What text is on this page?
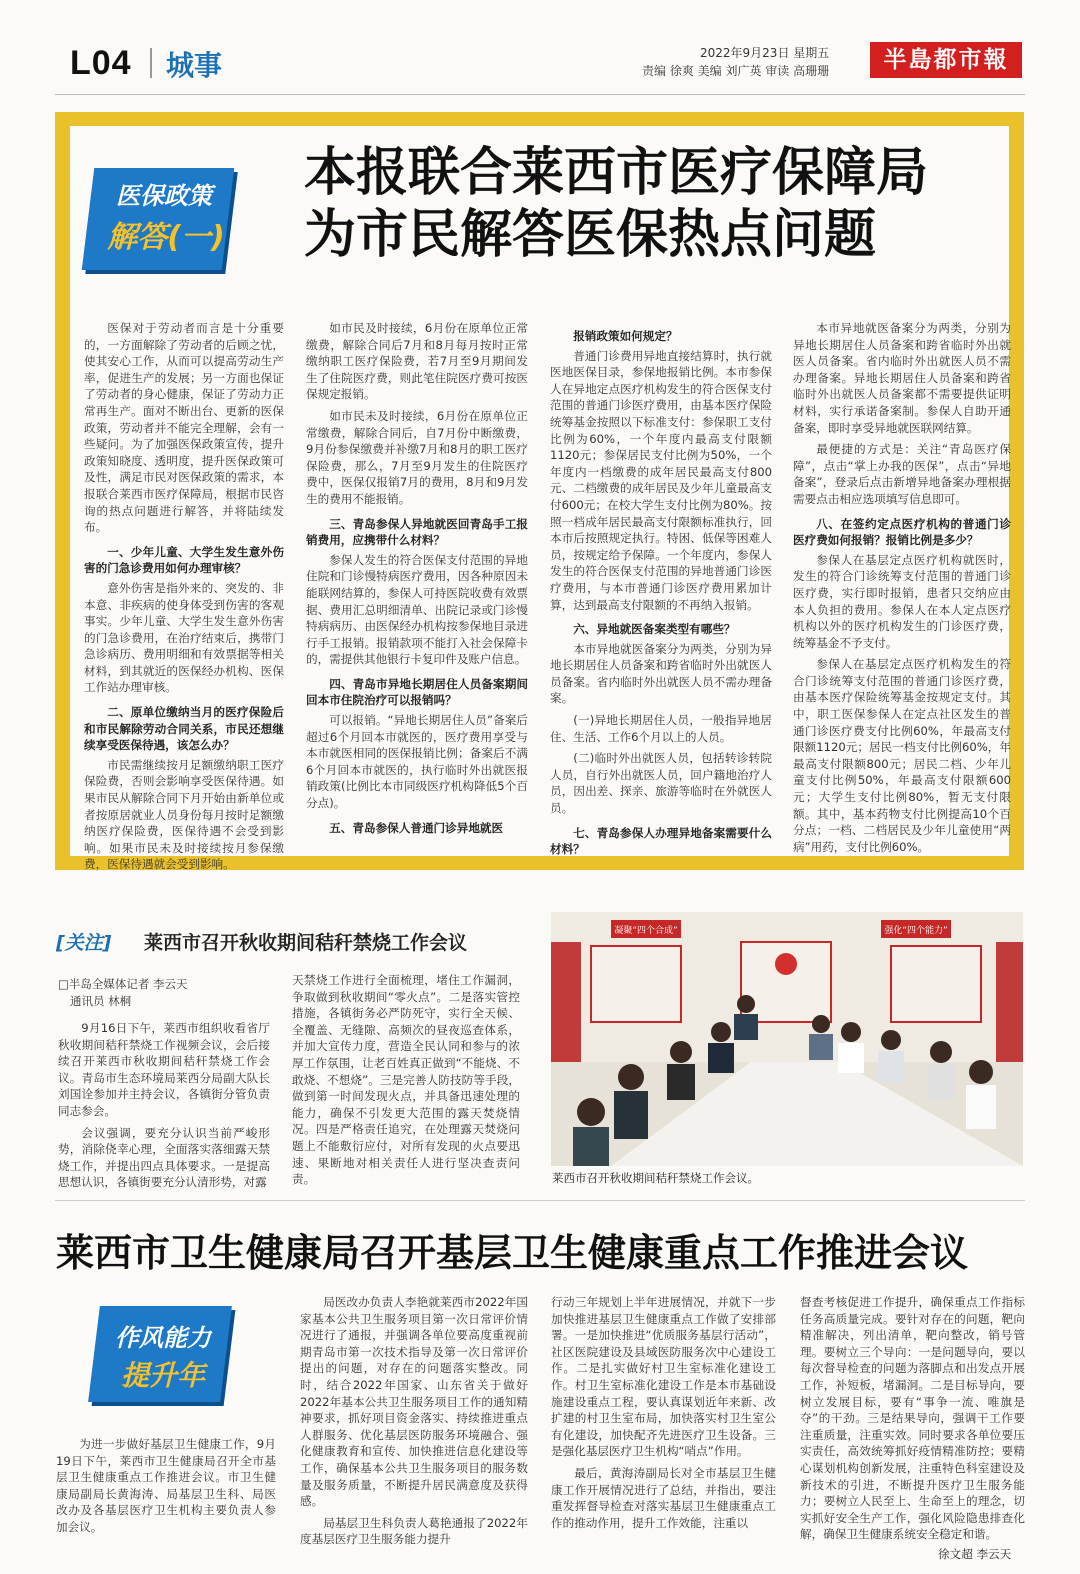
L04 城事	2022年9月23日 星期五
责编 徐爽 美编 刘广英 审读 高珊珊	半島都市報
医保政策
解答(一)
本报联合莱西市医疗保障局
为市民解答医保热点问题

医保对于劳动者而言是十分重要的，一方面解除了劳动者的后顾之忧，使其安心工作，从而可以提高劳动生产率，促进生产的发展；另一方面也保证了劳动者的身心健康，保证了劳动力正常再生产。面对不断出台、更新的医保政策，劳动者并不能完全理解，会有一些疑问。为了加强医保政策宣传，提升政策知晓度、透明度，提升医保政策可及性，满足市民对医保政策的需求，本报联合莱西市医疗保障局，根据市民咨询的热点问题进行解答，并将陆续发布。

一、少年儿童、大学生发生意外伤害的门急诊费用如何办理审核？

意外伤害是指外来的、突发的、非本意、非疾病的使身体受到伤害的客观事实。少年儿童、大学生发生意外伤害的门急诊费用，在治疗结束后，携带门急诊病历、费用明细和有效票据等相关材料，到其就近的医保经办机构、医保工作站办理审核。

二、原单位缴纳当月的医疗保险后和市民解除劳动合同关系，市民还想继续享受医保待遇，该怎么办？

市民需继续按月足额缴纳职工医疗保险费，否则会影响享受医保待遇。如果市民从解除合同下月开始由新单位或者按原居就业人员身份每月按时足额缴纳医疗保险费，医保待遇不会受到影响。如果市民未及时接续按月参保缴费，医保待遇就会受到影响。

如市民及时接续，6月份在原单位正常缴费，解除合同后7月和8月每月按时正常缴纳职工医疗保险费，若7月至9月期间发生了住院医疗费，则此笔住院医疗费可按医保规定报销。

如市民未及时接续，6月份在原单位正常缴费，解除合同后，自7月份中断缴费，9月份参保缴费并补缴7月和8月的职工医疗保险费，那么，7月至9月发生的住院医疗费中，医保仅报销7月的费用，8月和9月发生的费用不能报销。

三、青岛参保人异地就医回青岛手工报销费用，应携带什么材料？

参保人发生的符合医保支付范围的异地住院和门诊慢特病医疗费用，因各种原因未能联网结算的，参保人可持医院收费有效票据、费用汇总明细清单、出院记录或门诊慢特病病历、由医保经办机构按参保地目录进行手工报销。报销款项不能打入社会保障卡的，需提供其他银行卡复印件及账户信息。

四、青岛市异地长期居住人员备案期间回本市住院治疗可以报销吗？

可以报销。“异地长期居住人员”备案后超过6个月回本市就医的，医疗费用享受与本市就医相同的医保报销比例；备案后不满6个月回本市就医的，执行临时外出就医报销政策(比例比本市同级医疗机构降低5个百分点)。

五、青岛参保人普通门诊异地就医

报销政策如何规定？

普通门诊费用异地直接结算时，执行就医地医保目录，参保地报销比例。本市参保人在异地定点医疗机构发生的符合医保支付范围的普通门诊医疗费用，由基本医疗保险统筹基金按照以下标准支付：参保职工支付比例为60%，一个年度内最高支付限额1120元；参保居民支付比例为50%，一个年度内一档缴费的成年居民最高支付800元、二档缴费的成年居民及少年儿童最高支付600元；在校大学生支付比例为80%。按照一档成年居民最高支付限额标准执行，回本市后按照规定执行。特困、低保等困难人员，按规定给予保障。一个年度内，参保人发生的符合医保支付范围的异地普通门诊医疗费用，与本市普通门诊医疗费用累加计算，达到最高支付限额的不再纳入报销。

六、异地就医备案类型有哪些？

本市异地就医备案分为两类，分别为异地长期居住人员备案和跨省临时外出就医人员备案。省内临时外出就医人员不需办理备案。

(一)异地长期居住人员，一般指异地居住、生活、工作6个月以上的人员。

(二)临时外出就医人员，包括转诊转院人员，自行外出就医人员，回户籍地治疗人员，因出差、探亲、旅游等临时在外就医人员。

七、青岛参保人办理异地备案需要什么材料？

本市异地就医备案分为两类，分别为异地长期居住人员备案和跨省临时外出就医人员备案。省内临时外出就医人员不需办理备案。异地长期居住人员备案和跨省临时外出就医人员备案都不需要提供证明材料，实行承诺备案制。参保人自助开通备案，即时享受异地就医联网结算。

最便捷的方式是：关注“青岛医疗保障”，点击“掌上办我的医保”，点击“异地备案”，登录后点击新增异地备案办理根据需要点击相应选项填写信息即可。

八、在签约定点医疗机构的普通门诊医疗费如何报销？报销比例是多少？

参保人在基层定点医疗机构就医时，发生的符合门诊统筹支付范围的普通门诊医疗费，实行即时报销，患者只交纳应由本人负担的费用。参保人在本人定点医疗机构以外的医疗机构发生的门诊医疗费，统筹基金不予支付。

参保人在基层定点医疗机构发生的符合门诊统筹支付范围的普通门诊医疗费，由基本医疗保险统筹基金按规定支付。其中，职工医保参保人在定点社区发生的普通门诊医疗费支付比例60%，年最高支付限额1120元；居民一档支付比例60%，年最高支付限额800元；居民二档、少年儿童支付比例50%，年最高支付限额600元；大学生支付比例80%，暂无支付限额。其中，基本药物支付比例提高10个百分点；一档、二档居民及少年儿童使用“两病”用药，支付比例60%。

[关注] 莱西市召开秋收期间秸秆禁烧工作会议
□半岛全媒体记者 李云天
通讯员 林桐

9月16日下午，莱西市组织收看省厅秋收期间秸秆禁烧工作视频会议，会后接续召开莱西市秋收期间秸秆禁烧工作会议。青岛市生态环境局莱西分局副大队长刘国诠参加并主持会议，各镇街分管负责同志参会。

会议强调，要充分认识当前严峻形势，消除侥幸心理，全面落实落细露天禁烧工作，并提出四点具体要求。一是提高思想认识，各镇街要充分认清形势，对露

天禁烧工作进行全面梳理，堵住工作漏洞，争取做到秋收期间“零火点”。二是落实管控措施，各镇街务必严防死守，实行全天候、全覆盖、无缝隙、高频次的昼夜巡查体系，并加大宣传力度，营造全民认同和参与的浓厚工作氛围，让老百姓真正做到“不能烧、不敢烧、不想烧”。三是完善人防技防等手段，做到第一时间发现火点，并具备迅速处理的能力，确保不引发更大范围的露天焚烧情况。四是严格责任追究，在处理露天焚烧问题上不能敷衍应付，对所有发现的火点要迅速、果断地对相关责任人进行坚决查责问责。

凝聚“四个合成”	强化“四个能力”
莱西市召开秋收期间秸秆禁烧工作会议。
莱西市卫生健康局召开基层卫生健康重点工作推进会议
作风能力
提升年

为进一步做好基层卫生健康工作，9月19日下午，莱西市卫生健康局召开全市基层卫生健康重点工作推进会议。市卫生健康局副局长黄海涛、局基层卫生科、局医改办及各基层医疗卫生机构主要负责人参加会议。

局医改办负责人李艳就莱西市2022年国家基本公共卫生服务项目第一次日常评价情况进行了通报，并强调各单位要高度重视前期青岛市第一次技术指导及第一次日常评价提出的问题，对存在的问题落实整改。同时，结合2022年国家、山东省关于做好2022年基本公共卫生服务项目工作的通知精神要求，抓好项目资金落实、持续推进重点人群服务、优化基层医防服务环境融合、强化健康教育和宣传、加快推进信息化建设等工作，确保基本公共卫生服务项目的服务数量及服务质量，不断提升居民满意度及获得感。

局基层卫生科负责人葛艳通报了2022年度基层医疗卫生服务能力提升

行动三年规划上半年进展情况，并就下一步加快推进基层卫生健康重点工作做了安排部署。一是加快推进“优质服务基层行活动”，社区医院建设及县域医防服务次中心建设工作。二是扎实做好村卫生室标准化建设工作。村卫生室标准化建设工作是本市基础设施建设重点工程，要认真谋划近年来新、改扩建的村卫生室布局，加快落实村卫生室公有化建设，加快配齐先进医疗卫生设备。三是强化基层医疗卫生机构“哨点”作用。

最后，黄海涛副局长对全市基层卫生健康工作开展情况进行了总结，并指出，要注重发挥督导检查对落实基层卫生健康重点工作的推动作用，提升工作效能，注重以

督查考核促进工作提升，确保重点工作指标任务高质量完成。要针对存在的问题，靶向精准解决，列出清单，靶向整改，销号管理。要树立三个导向：一是问题导向，要以每次督导检查的问题为落脚点和出发点开展工作，补短板，堵漏洞。二是目标导向，要树立发展目标，要有“事争一流、唯旗是夺”的干劲。三是结果导向，强调干工作要注重质量，注重实效。同时要求各单位要压实责任，高效统筹抓好疫情精准防控；要精心谋划机构创新发展，注重特色科室建设及新技术的引进，不断提升医疗卫生服务能力；要树立人民至上、生命至上的理念，切实抓好安全生产工作，强化风险隐患排查化解，确保卫生健康系统安全稳定和谐。

徐文超 李云天
